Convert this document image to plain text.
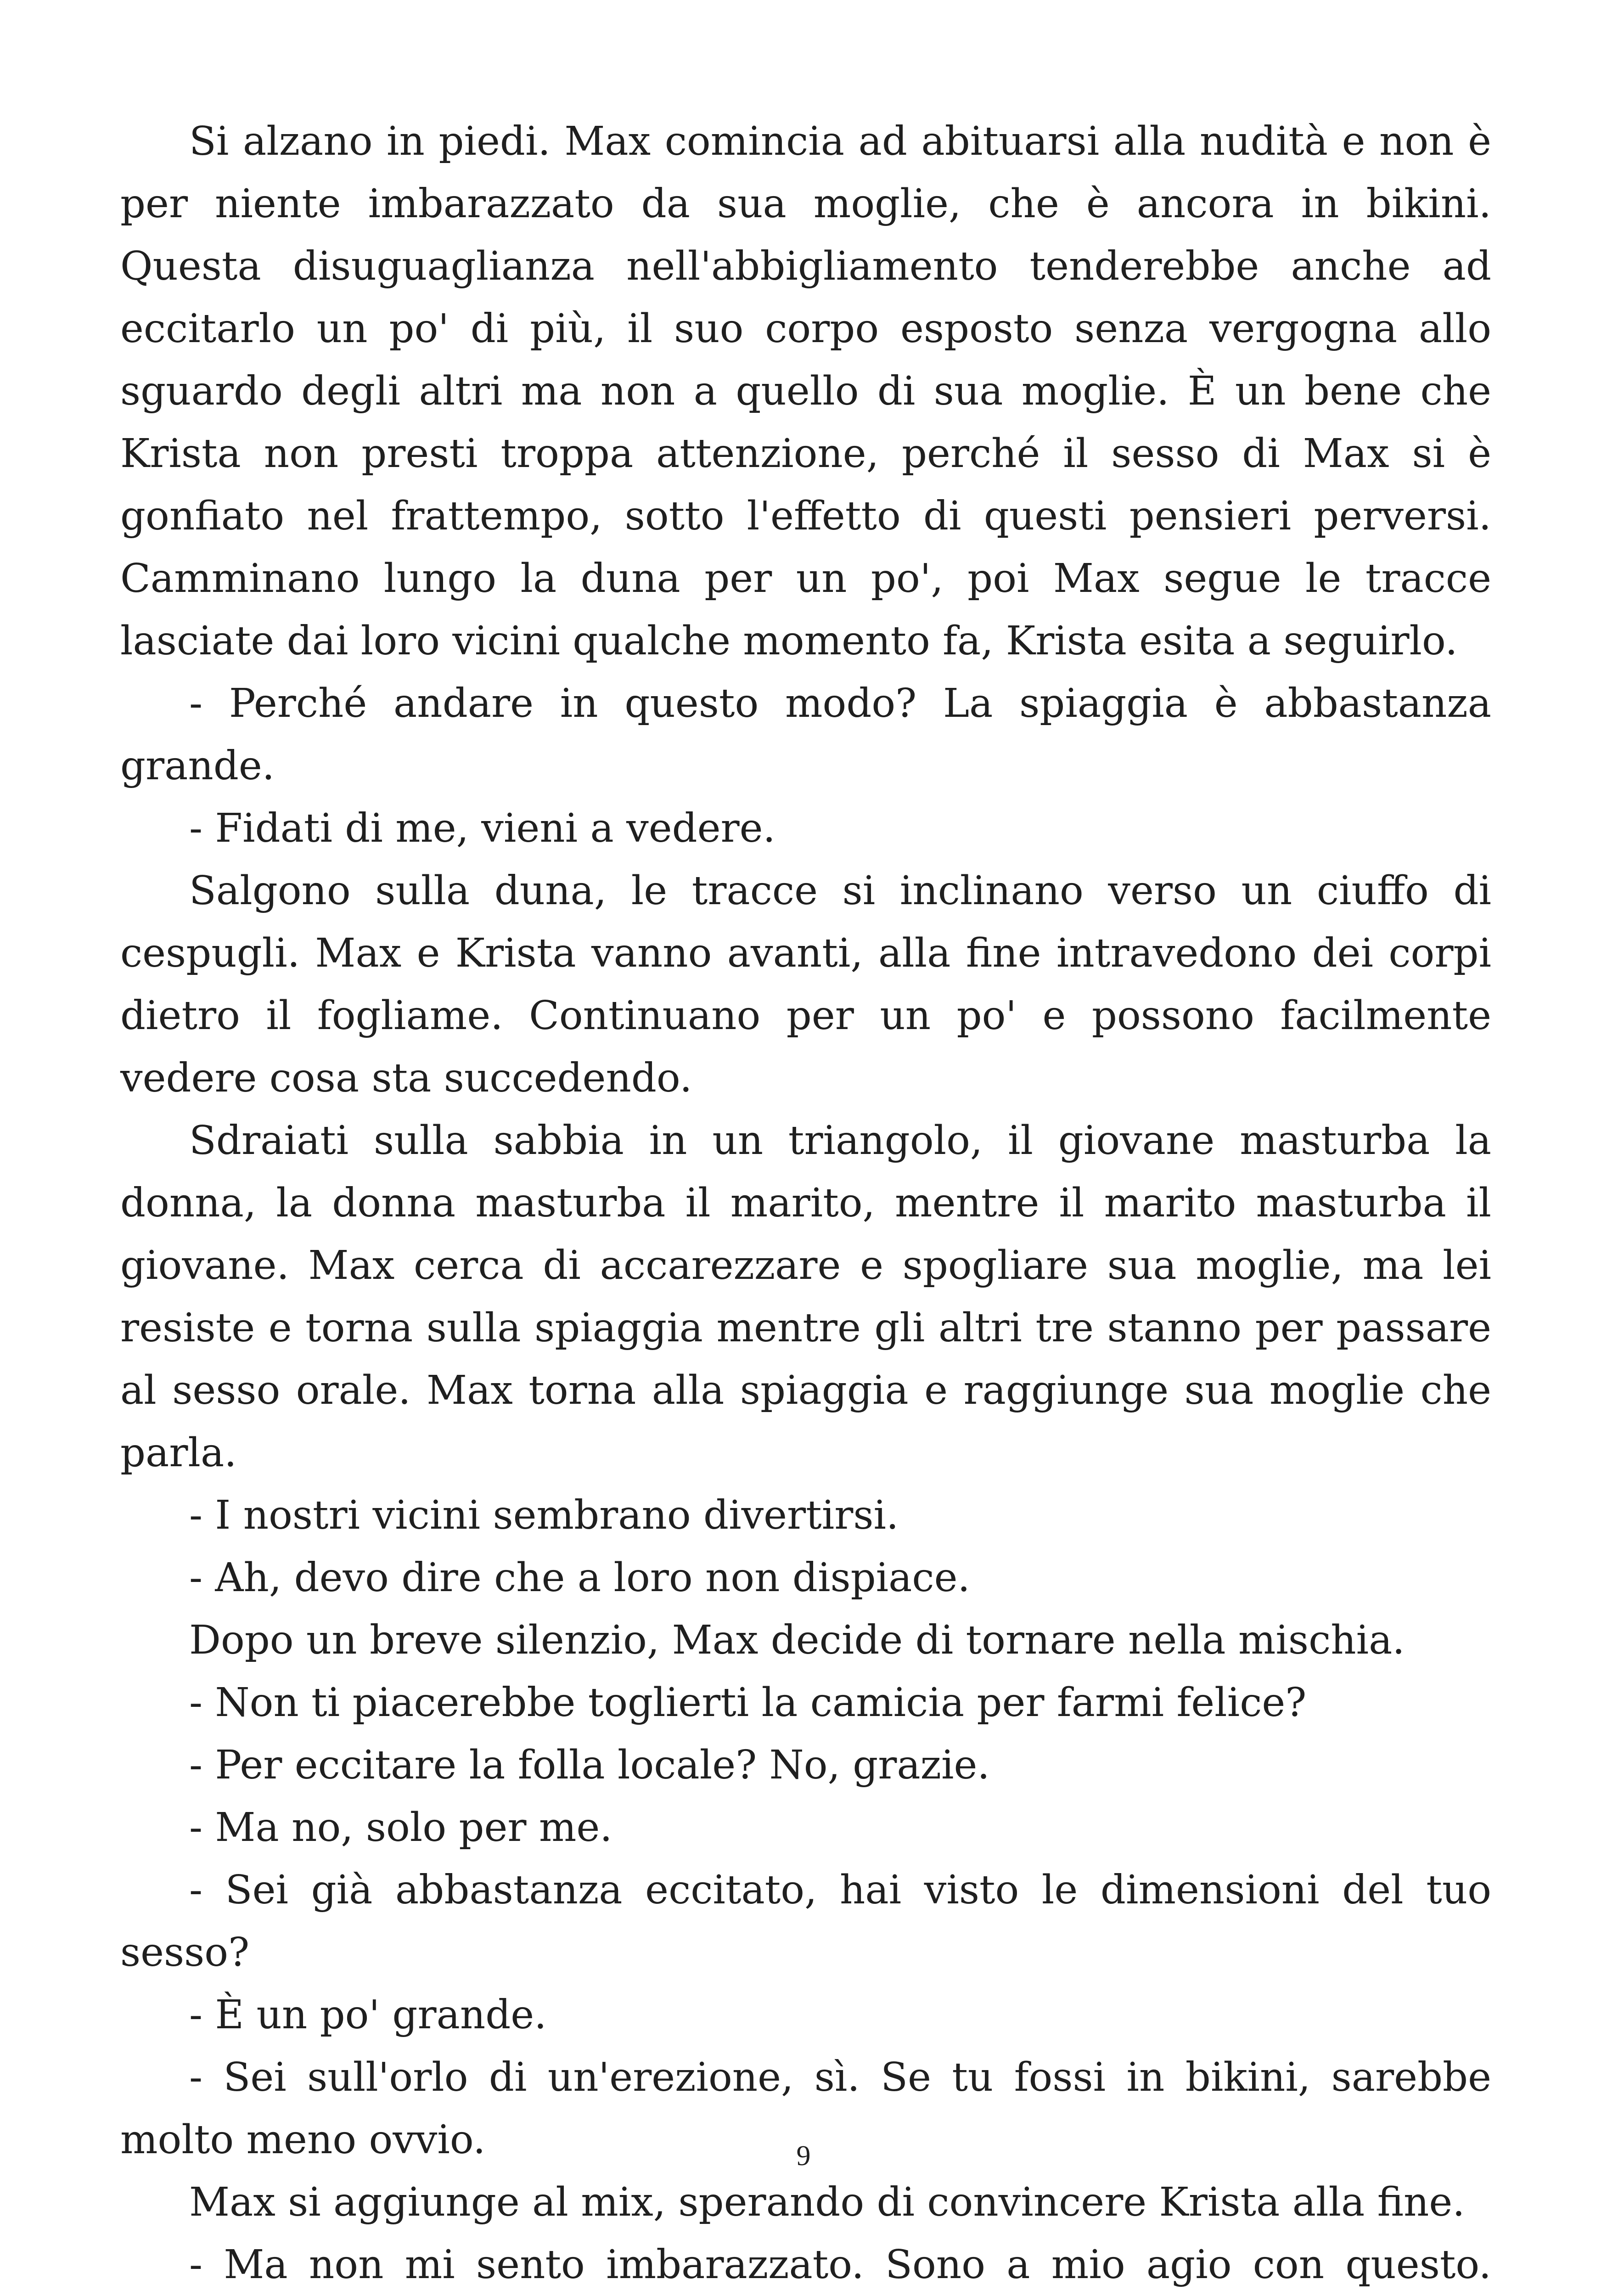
Si alzano in piedi. Max comincia ad abituarsi alla nudità e non è per niente imbarazzato da sua moglie, che è ancora in bikini. Questa disuguaglianza nell'abbigliamento tenderebbe anche ad eccitarlo un po' di più, il suo corpo esposto senza vergogna allo sguardo degli altri ma non a quello di sua moglie. È un bene che Krista non presti troppa attenzione, perché il sesso di Max si è gonfiato nel frattempo, sotto l'effetto di questi pensieri perversi. Camminano lungo la duna per un po', poi Max segue le tracce lasciate dai loro vicini qualche momento fa, Krista esita a seguirlo.

- Perché andare in questo modo? La spiaggia è abbastanza grande.

- Fidati di me, vieni a vedere.

Salgono sulla duna, le tracce si inclinano verso un ciuffo di cespugli. Max e Krista vanno avanti, alla fine intravedono dei corpi dietro il fogliame. Continuano per un po' e possono facilmente vedere cosa sta succedendo.

Sdraiati sulla sabbia in un triangolo, il giovane masturba la donna, la donna masturba il marito, mentre il marito masturba il giovane. Max cerca di accarezzare e spogliare sua moglie, ma lei resiste e torna sulla spiaggia mentre gli altri tre stanno per passare al sesso orale. Max torna alla spiaggia e raggiunge sua moglie che parla.

- I nostri vicini sembrano divertirsi.

- Ah, devo dire che a loro non dispiace.

Dopo un breve silenzio, Max decide di tornare nella mischia.

- Non ti piacerebbe toglierti la camicia per farmi felice?

- Per eccitare la folla locale? No, grazie.

- Ma no, solo per me.

- Sei già abbastanza eccitato, hai visto le dimensioni del tuo sesso?

- È un po' grande.

- Sei sull'orlo di un'erezione, sì. Se tu fossi in bikini, sarebbe molto meno ovvio.

Max si aggiunge al mix, sperando di convincere Krista alla fine.

- Ma non mi sento imbarazzato. Sono a mio agio con questo.

9
